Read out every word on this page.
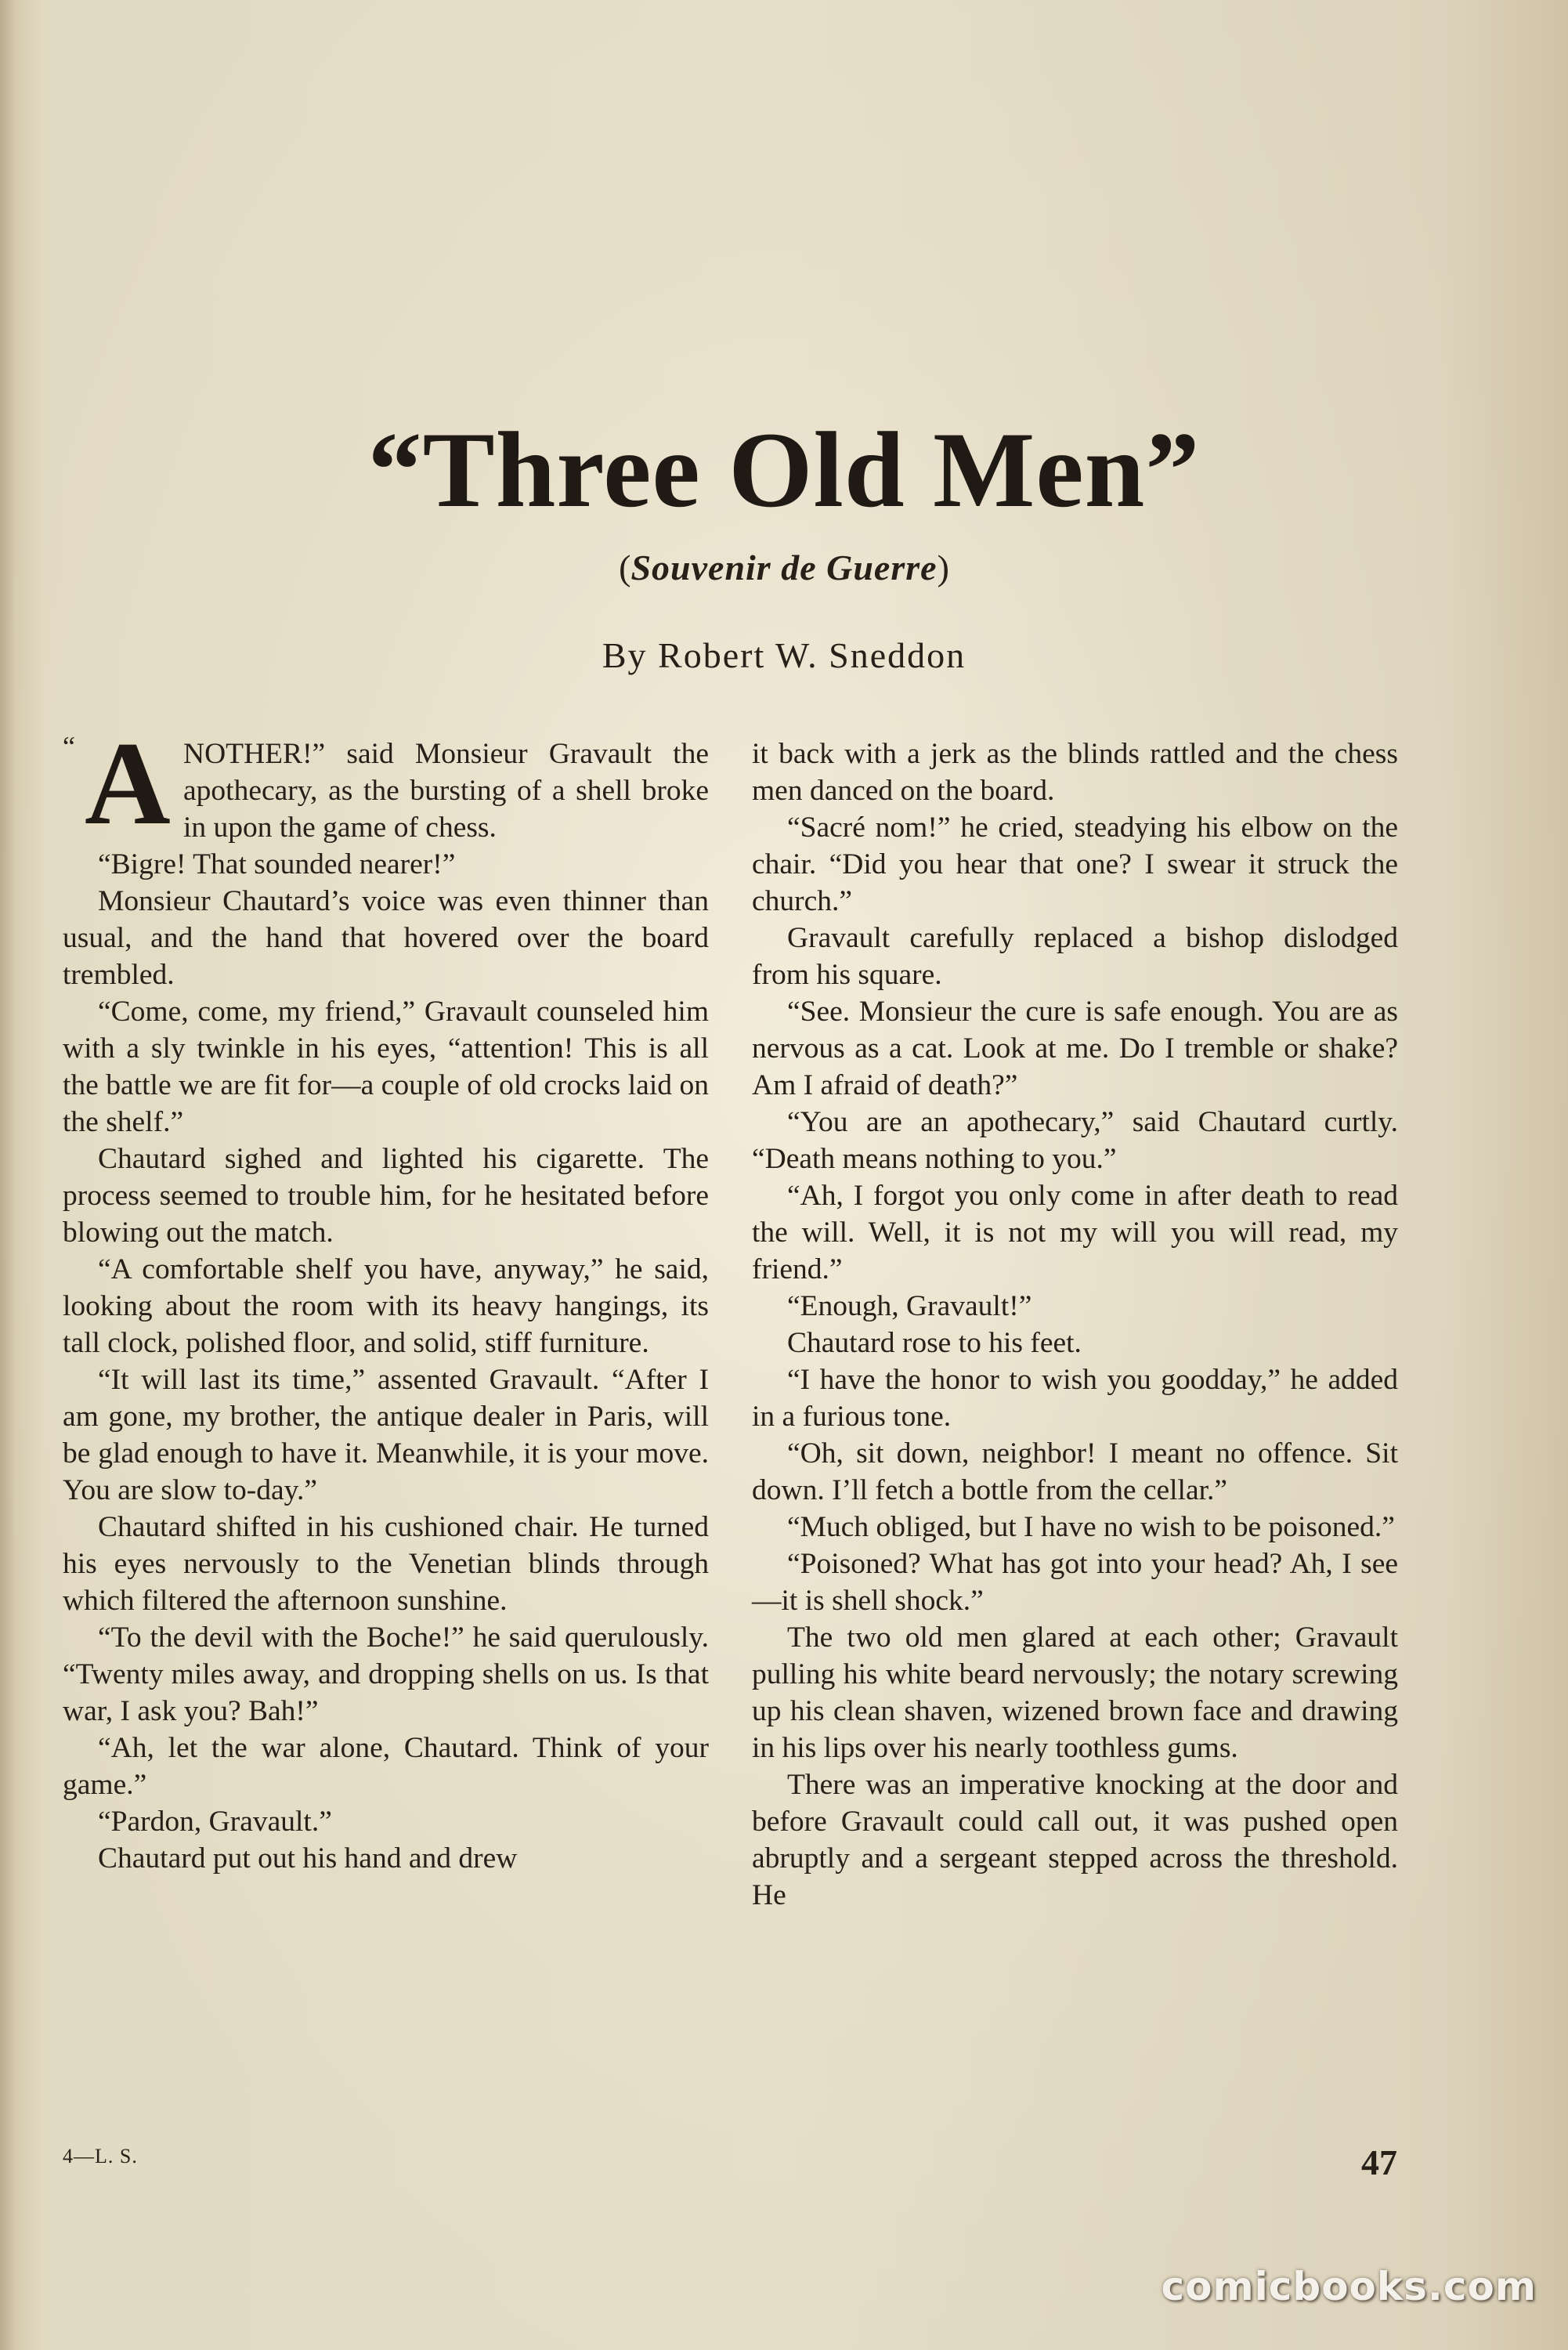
“Three Old Men”
(Souvenir de Guerre)
By Robert W. Sneddon
“ A NOTHER!” said Monsieur Gravault the apothecary, as the bursting of a shell broke in upon the game of chess.

“Bigre! That sounded nearer!”

Monsieur Chautard’s voice was even thinner than usual, and the hand that hovered over the board trembled.

“Come, come, my friend,” Gravault counseled him with a sly twinkle in his eyes, “attention! This is all the battle we are fit for—a couple of old crocks laid on the shelf.”

Chautard sighed and lighted his cigarette. The process seemed to trouble him, for he hesitated before blowing out the match.

“A comfortable shelf you have, anyway,” he said, looking about the room with its heavy hangings, its tall clock, polished floor, and solid, stiff furniture.

“It will last its time,” assented Gravault. “After I am gone, my brother, the antique dealer in Paris, will be glad enough to have it. Meanwhile, it is your move. You are slow to-day.”

Chautard shifted in his cushioned chair. He turned his eyes nervously to the Venetian blinds through which filtered the afternoon sunshine.

“To the devil with the Boche!” he said querulously. “Twenty miles away, and dropping shells on us. Is that war, I ask you? Bah!”

“Ah, let the war alone, Chautard. Think of your game.”

“Pardon, Gravault.”

Chautard put out his hand and drew

it back with a jerk as the blinds rattled and the chess men danced on the board.

“Sacré nom!” he cried, steadying his elbow on the chair. “Did you hear that one? I swear it struck the church.”

Gravault carefully replaced a bishop dislodged from his square.

“See. Monsieur the cure is safe enough. You are as nervous as a cat. Look at me. Do I tremble or shake? Am I afraid of death?”

“You are an apothecary,” said Chautard curtly. “Death means nothing to you.”

“Ah, I forgot you only come in after death to read the will. Well, it is not my will you will read, my friend.”

“Enough, Gravault!”

Chautard rose to his feet.

“I have the honor to wish you goodday,” he added in a furious tone.

“Oh, sit down, neighbor! I meant no offence. Sit down. I’ll fetch a bottle from the cellar.”

“Much obliged, but I have no wish to be poisoned.”

“Poisoned? What has got into your head? Ah, I see—it is shell shock.”

The two old men glared at each other; Gravault pulling his white beard nervously; the notary screwing up his clean shaven, wizened brown face and drawing in his lips over his nearly toothless gums.

There was an imperative knocking at the door and before Gravault could call out, it was pushed open abruptly and a sergeant stepped across the threshold. He

4—L. S.	47
comicbooks.com
